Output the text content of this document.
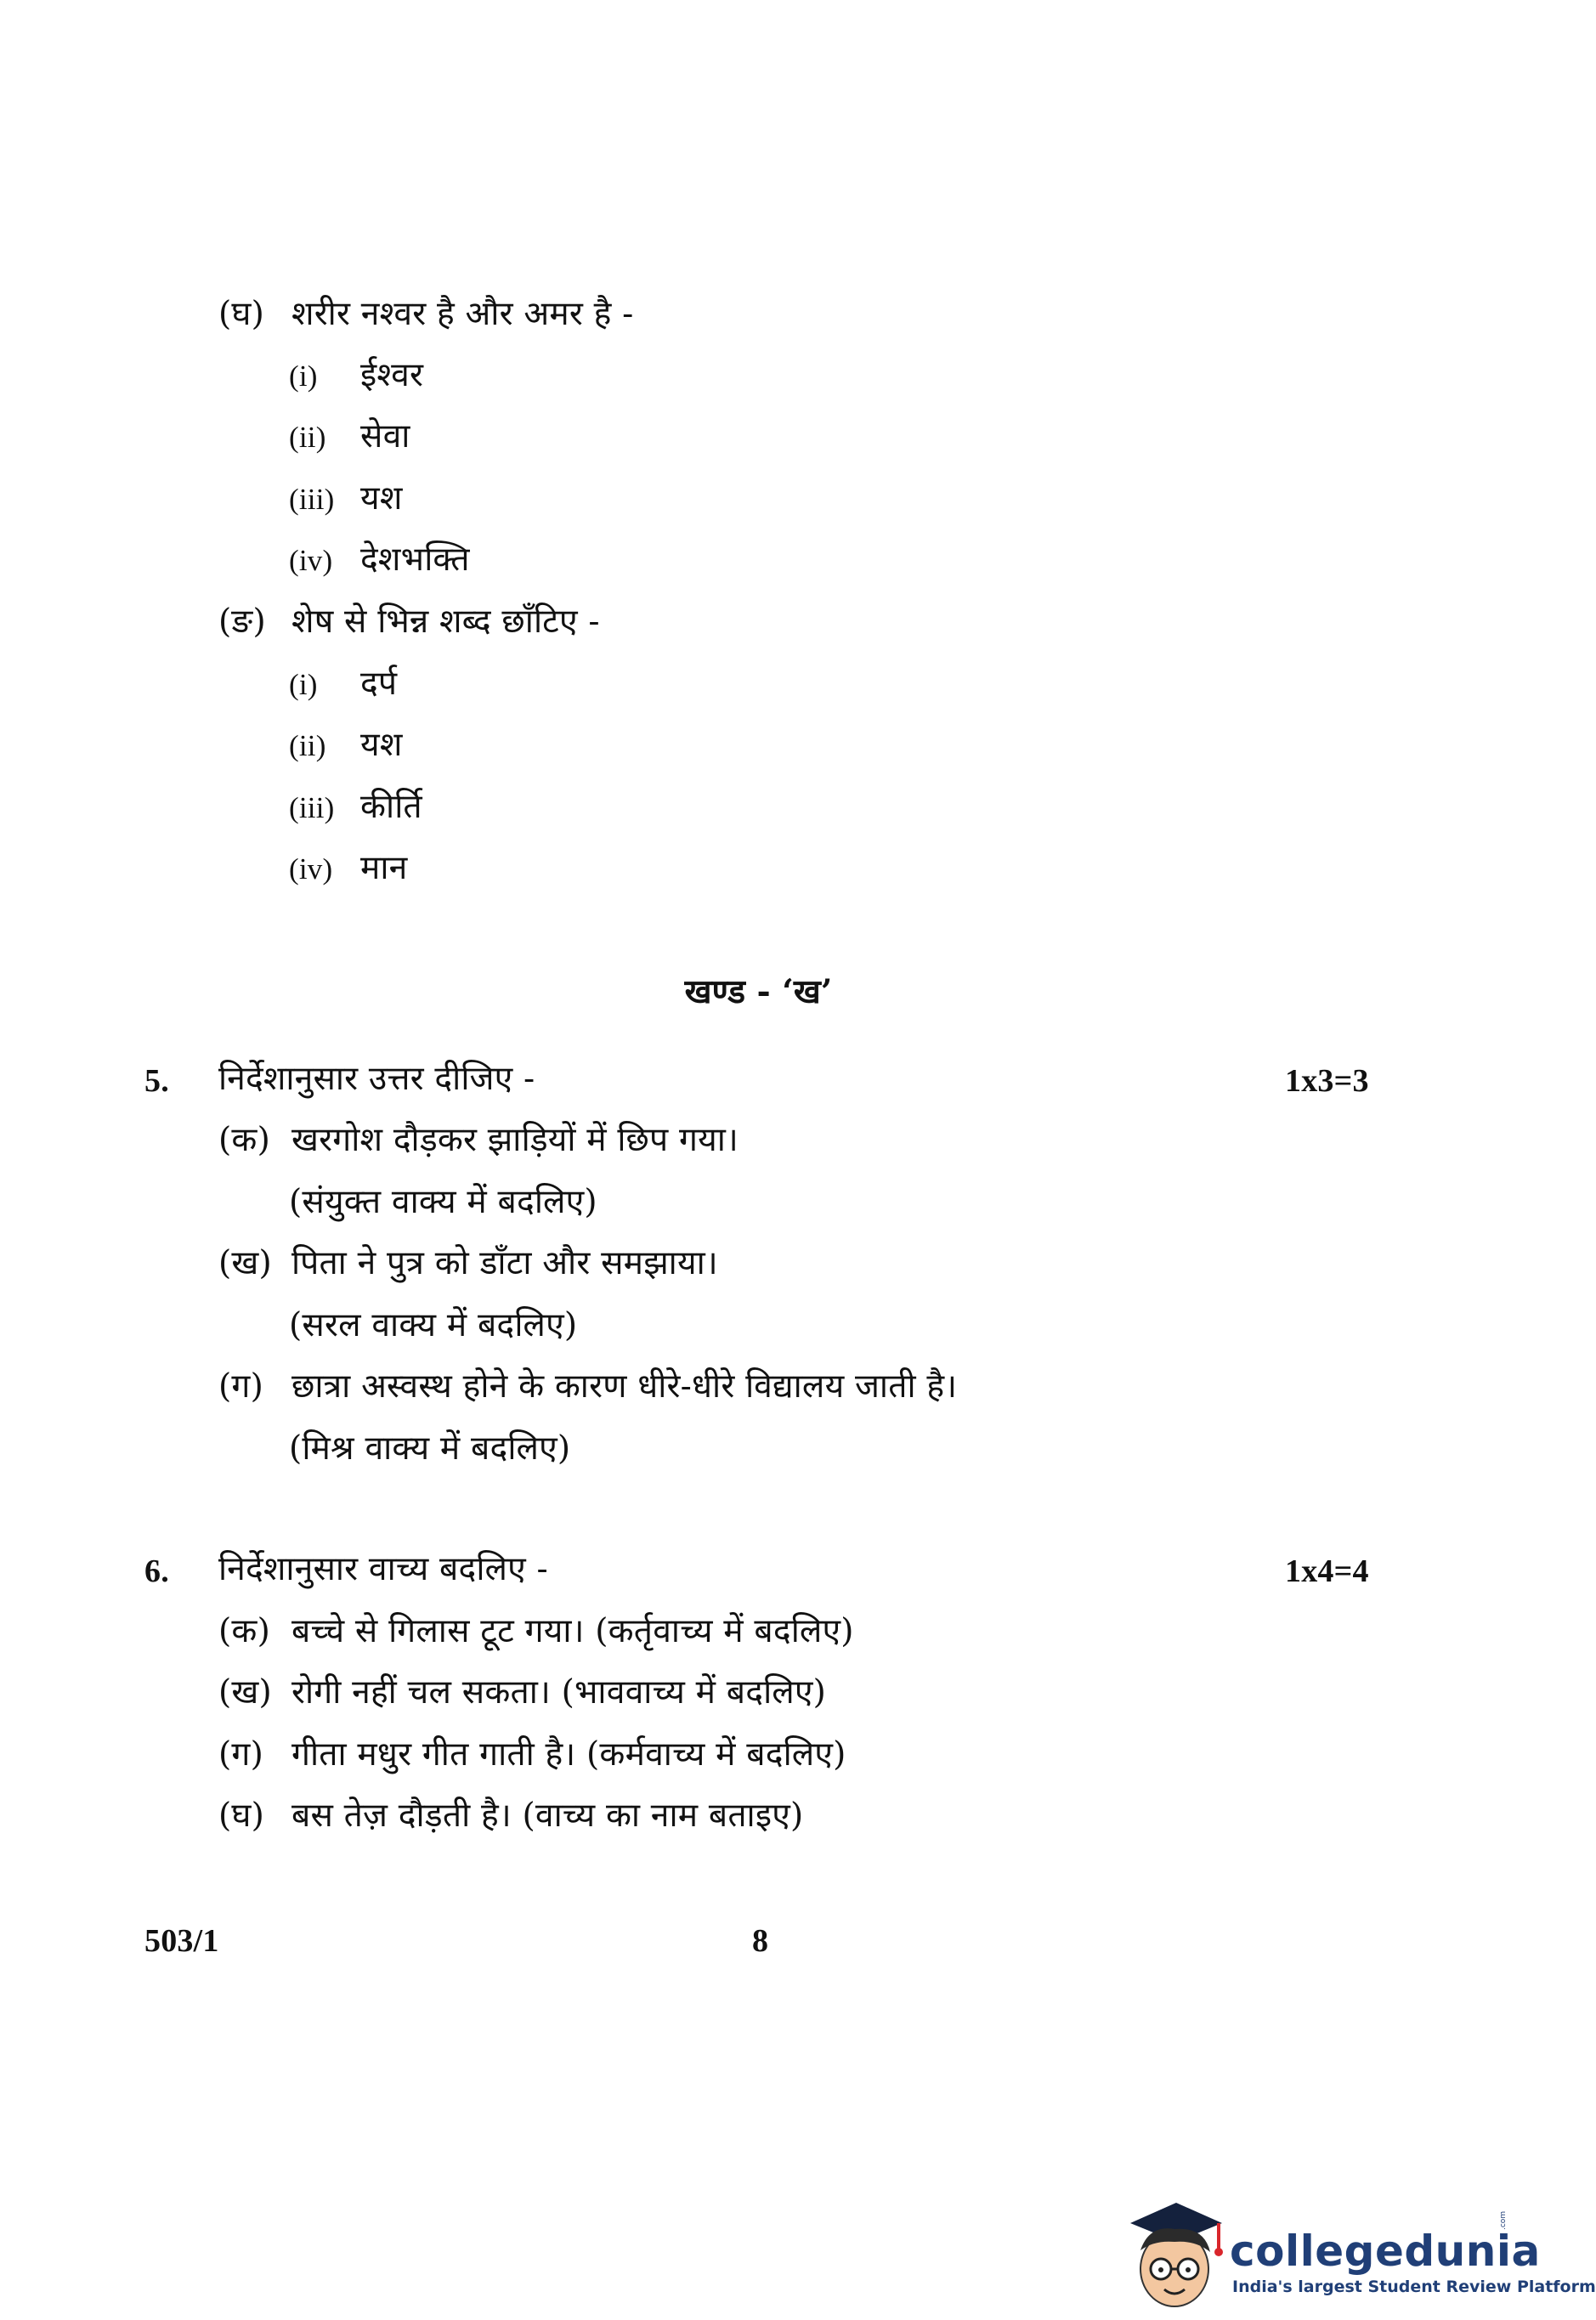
(घ) शरीर नश्वर है और अमर है -
(i) ईश्वर
(ii) सेवा
(iii) यश
(iv) देशभक्ति
(ङ) शेष से भिन्न शब्द छाँटिए -
(i) दर्प
(ii) यश
(iii) कीर्ति
(iv) मान
खण्ड - ‘ख’
5. निर्देशानुसार उत्तर दीजिए -	1x3=3
(क) खरगोश दौड़कर झाड़ियों में छिप गया।
(संयुक्त वाक्य में बदलिए)
(ख) पिता ने पुत्र को डाँटा और समझाया।
(सरल वाक्य में बदलिए)
(ग) छात्रा अस्वस्थ होने के कारण धीरे-धीरे विद्यालय जाती है।
(मिश्र वाक्य में बदलिए)
6. निर्देशानुसार वाच्य बदलिए -	1x4=4
(क) बच्चे से गिलास टूट गया। (कर्तृवाच्य में बदलिए)
(ख) रोगी नहीं चल सकता। (भाववाच्य में बदलिए)
(ग) गीता मधुर गीत गाती है। (कर्मवाच्य में बदलिए)
(घ) बस तेज़ दौड़ती है। (वाच्य का नाम बताइए)
503/1	8
collegedunia
.com
India's largest Student Review Platform
